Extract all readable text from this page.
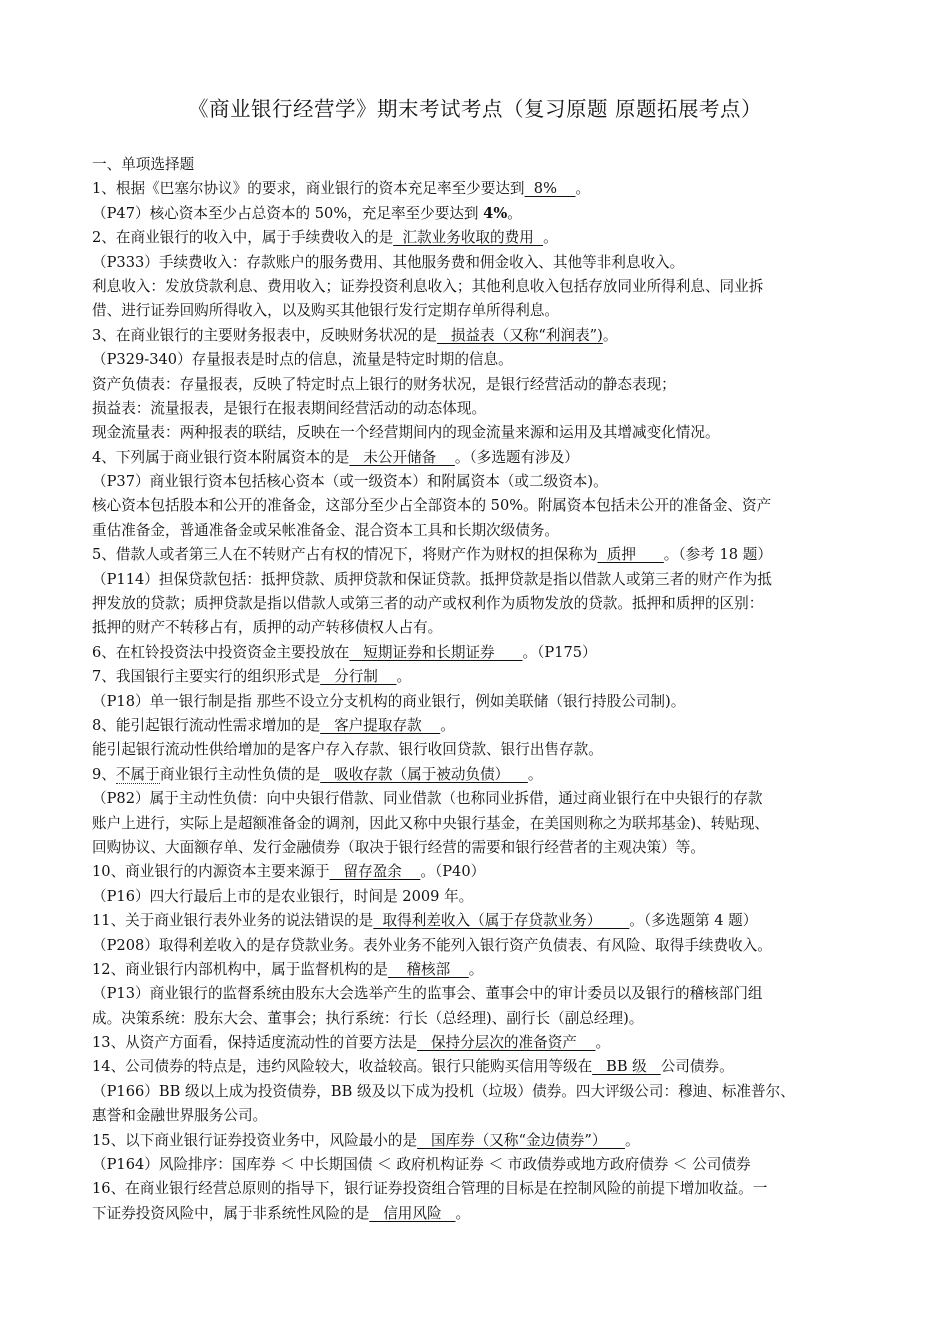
《商业银行经营学》期末考试考点（复习原题 原题拓展考点）
一、单项选择题
1、根据《巴塞尔协议》的要求，商业银行的资本充足率至少要达到  8%    。
（P47）核心资本至少占总资本的 50%，充足率至少要达到 4%。
2、在商业银行的收入中，属于手续费收入的是  汇款业务收取的费用  。
（P333）手续费收入：存款账户的服务费用、其他服务费和佣金收入、其他等非利息收入。
利息收入：发放贷款利息、费用收入；证券投资利息收入；其他利息收入包括存放同业所得利息、同业拆
借、进行证券回购所得收入，以及购买其他银行发行定期存单所得利息。
3、在商业银行的主要财务报表中，反映财务状况的是   损益表（又称“利润表”)。
（P329-340）存量报表是时点的信息，流量是特定时期的信息。
资产负债表：存量报表，反映了特定时点上银行的财务状况，是银行经营活动的静态表现；
损益表：流量报表，是银行在报表期间经营活动的动态体现。
现金流量表：两种报表的联结，反映在一个经营期间内的现金流量来源和运用及其增减变化情况。
4、下列属于商业银行资本附属资本的是   未公开储备    。（多选题有涉及）
（P37）商业银行资本包括核心资本（或一级资本）和附属资本（或二级资本)。
核心资本包括股本和公开的准备金，这部分至少占全部资本的 50%。附属资本包括未公开的准备金、资产
重估准备金，普通准备金或呆帐准备金、混合资本工具和长期次级债务。
5、借款人或者第三人在不转财产占有权的情况下，将财产作为财权的担保称为  质押      。（参考 18 题）
（P114）担保贷款包括：抵押贷款、质押贷款和保证贷款。抵押贷款是指以借款人或第三者的财产作为抵
押发放的贷款；质押贷款是指以借款人或第三者的动产或权利作为质物发放的贷款。抵押和质押的区别：
抵押的财产不转移占有，质押的动产转移债权人占有。
6、在杠铃投资法中投资资金主要投放在   短期证券和长期证券      。（P175）
7、我国银行主要实行的组织形式是   分行制    。
（P18）单一银行制是指 那些不设立分支机构的商业银行，例如美联储（银行持股公司制)。
8、能引起银行流动性需求增加的是   客户提取存款    。
能引起银行流动性供给增加的是客户存入存款、银行收回贷款、银行出售存款。
9、不属于商业银行主动性负债的是   吸收存款（属于被动负债）    。
（P82）属于主动性负债：向中央银行借款、同业借款（也称同业拆借，通过商业银行在中央银行的存款
账户上进行，实际上是超额准备金的调剂，因此又称中央银行基金，在美国则称之为联邦基金)、转贴现、
回购协议、大面额存单、发行金融债券（取决于银行经营的需要和银行经营者的主观决策）等。
10、商业银行的内源资本主要来源于   留存盈余    。（P40）
（P16）四大行最后上市的是农业银行，时间是 2009 年。
11、关于商业银行表外业务的说法错误的是  取得利差收入（属于存贷款业务）      。（多选题第 4 题）
（P208）取得利差收入的是存贷款业务。表外业务不能列入银行资产负债表、有风险、取得手续费收入。
12、商业银行内部机构中，属于监督机构的是    稽核部    。
（P13）商业银行的监督系统由股东大会选举产生的监事会、董事会中的审计委员以及银行的稽核部门组
成。决策系统：股东大会、董事会；执行系统：行长（总经理)、副行长（副总经理)。
13、从资产方面看，保持适度流动性的首要方法是   保持分层次的准备资产    。
14、公司债券的特点是，违约风险较大，收益较高。银行只能购买信用等级在   BB 级   公司债券。
（P166）BB 级以上成为投资债券，BB 级及以下成为投机（垃圾）债券。四大评级公司：穆迪、标准普尔、
惠誉和金融世界服务公司。
15、以下商业银行证券投资业务中，风险最小的是   国库券（又称“金边债券”）    。
（P164）风险排序：国库券 ＜ 中长期国债 ＜ 政府机构证券 ＜ 市政债券或地方政府债券 ＜ 公司债券
16、在商业银行经营总原则的指导下，银行证券投资组合管理的目标是在控制风险的前提下增加收益。一
下证券投资风险中，属于非系统性风险的是   信用风险   。
